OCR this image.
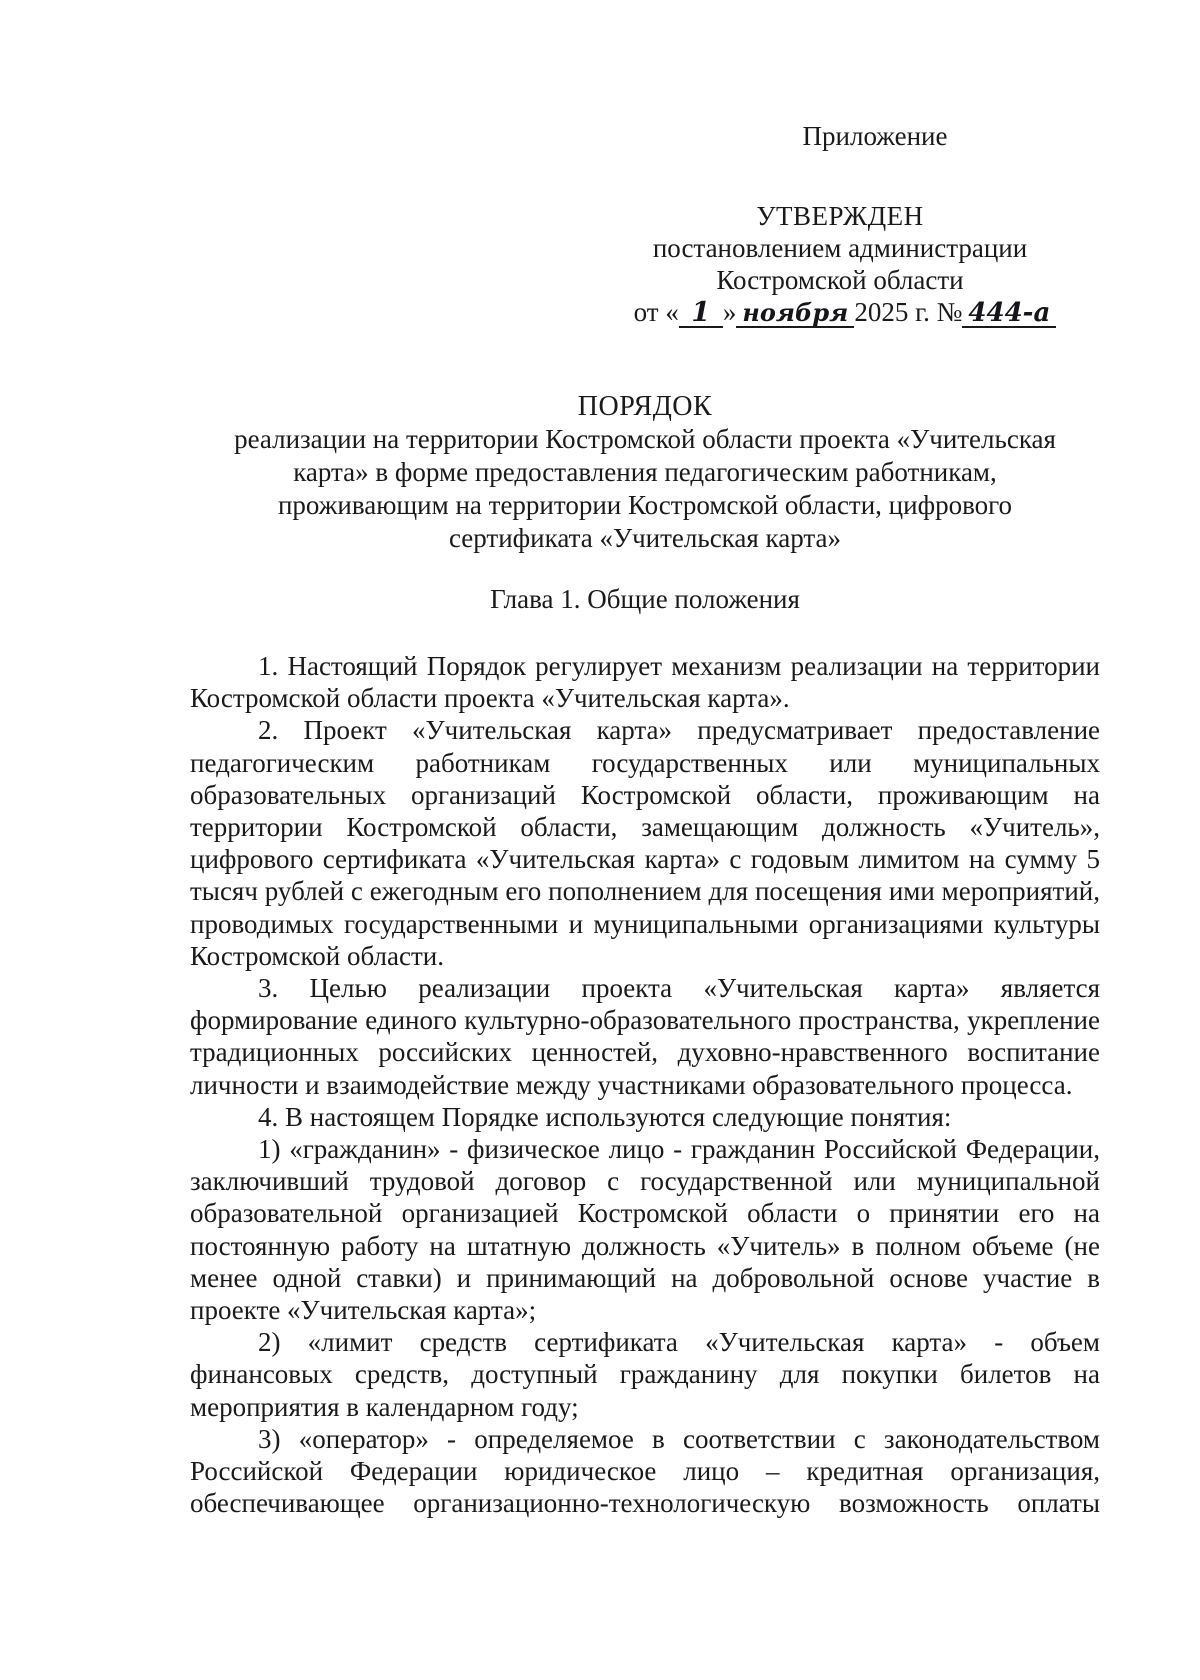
Приложение
УТВЕРЖДЕН
постановлением администрации
Костромской области
от « 1 » ноября 2025 г. № 444-а
ПОРЯДОК
реализации на территории Костромской области проекта «Учительская
карта» в форме предоставления педагогическим работникам,
проживающим на территории Костромской области, цифрового
сертификата «Учительская карта»
Глава 1. Общие положения

1. Настоящий Порядок регулирует механизм реализации на территории Костромской области проекта «Учительская карта».

2. Проект «Учительская карта» предусматривает предоставление педагогическим работникам государственных или муниципальных образовательных организаций Костромской области, проживающим на территории Костромской области, замещающим должность «Учитель», цифрового сертификата «Учительская карта» с годовым лимитом на сумму 5 тысяч рублей с ежегодным его пополнением для посещения ими мероприятий, проводимых государственными и муниципальными организациями культуры Костромской области.

3. Целью реализации проекта «Учительская карта» является формирование единого культурно-образовательного пространства, укрепление традиционных российских ценностей, духовно-нравственного воспитание личности и взаимодействие между участниками образовательного процесса.

4. В настоящем Порядке используются следующие понятия:

1) «гражданин» - физическое лицо - гражданин Российской Федерации, заключивший трудовой договор с государственной или муниципальной образовательной организацией Костромской области о принятии его на постоянную работу на штатную должность «Учитель» в полном объеме (не менее одной ставки) и принимающий на добровольной основе участие в проекте «Учительская карта»;

2) «лимит средств сертификата «Учительская карта» - объем финансовых средств, доступный гражданину для покупки билетов на мероприятия в календарном году;

3) «оператор» - определяемое в соответствии с законодательством Российской Федерации юридическое лицо – кредитная организация, обеспечивающее организационно-технологическую возможность оплаты
